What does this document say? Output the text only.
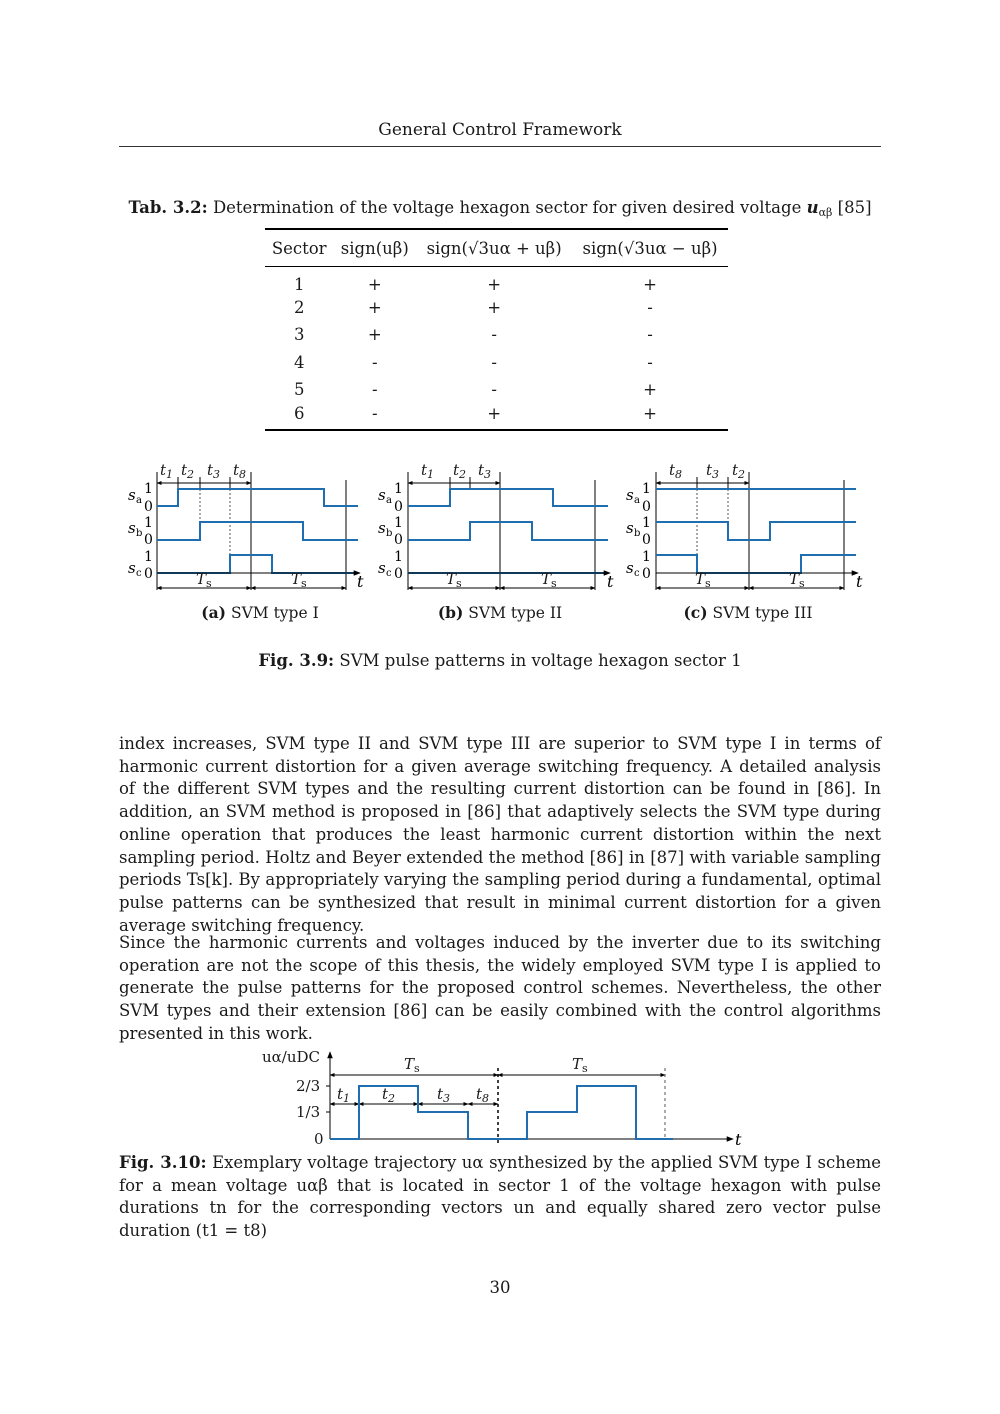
General Control Framework
Tab. 3.2: Determination of the voltage hexagon sector for given desired voltage $u_{\alpha\beta}$ [85]
Sector	sign(uβ)	sign(√3uα + uβ)	sign(√3uα − uβ)
1	+	+	+
2	+	+	-
3	+	-	-
4	-	-	-
5	-	-	+
6	-	+	+
s a
1
0
s b
1
0
s c
1
0	t
s a
1
0
s b
1
0
s c
1
0	t
s a
1
0
s b
1
0
s c
1
0	t
$t_1$ $t_2$ $t_3$ $t_8$	$t_1$ $t_2$ $t_3$	$t_8$ $t_3$ $t_2$
$T_s$	$T_s$	$T_s$	$T_s$	$T_s$	$T_s$
(a) SVM type I	(b) SVM type II	(c) SVM type III
Fig. 3.9: SVM pulse patterns in voltage hexagon sector 1
index increases, SVM type II and SVM type III are superior to SVM type I in terms of harmonic current distortion for a given average switching frequency. A detailed analysis of the different SVM types and the resulting current distortion can be found in [86]. In addition, an SVM method is proposed in [86] that adaptively selects the SVM type during online operation that produces the least harmonic current distortion within the next sampling period. Holtz and Beyer extended the method [86] in [87] with variable sampling periods Ts[k]. By appropriately varying the sampling period during a fundamental, optimal pulse patterns can be synthesized that result in minimal current distortion for a given average switching frequency.
Since the harmonic currents and voltages induced by the inverter due to its switching operation are not the scope of this thesis, the widely employed SVM type I is applied to generate the pulse patterns for the proposed control schemes. Nevertheless, the other SVM types and their extension [86] can be easily combined with the control algorithms presented in this work.
t
uα/uDC
2/3
1/3
0
$T_s$	$T_s$
$t_1$ $t_2$	$t_3$ $t_8$
Fig. 3.10: Exemplary voltage trajectory uα synthesized by the applied SVM type I scheme for a mean voltage uαβ that is located in sector 1 of the voltage hexagon with pulse durations tn for the corresponding vectors un and equally shared zero vector pulse duration (t1 = t8)
30
